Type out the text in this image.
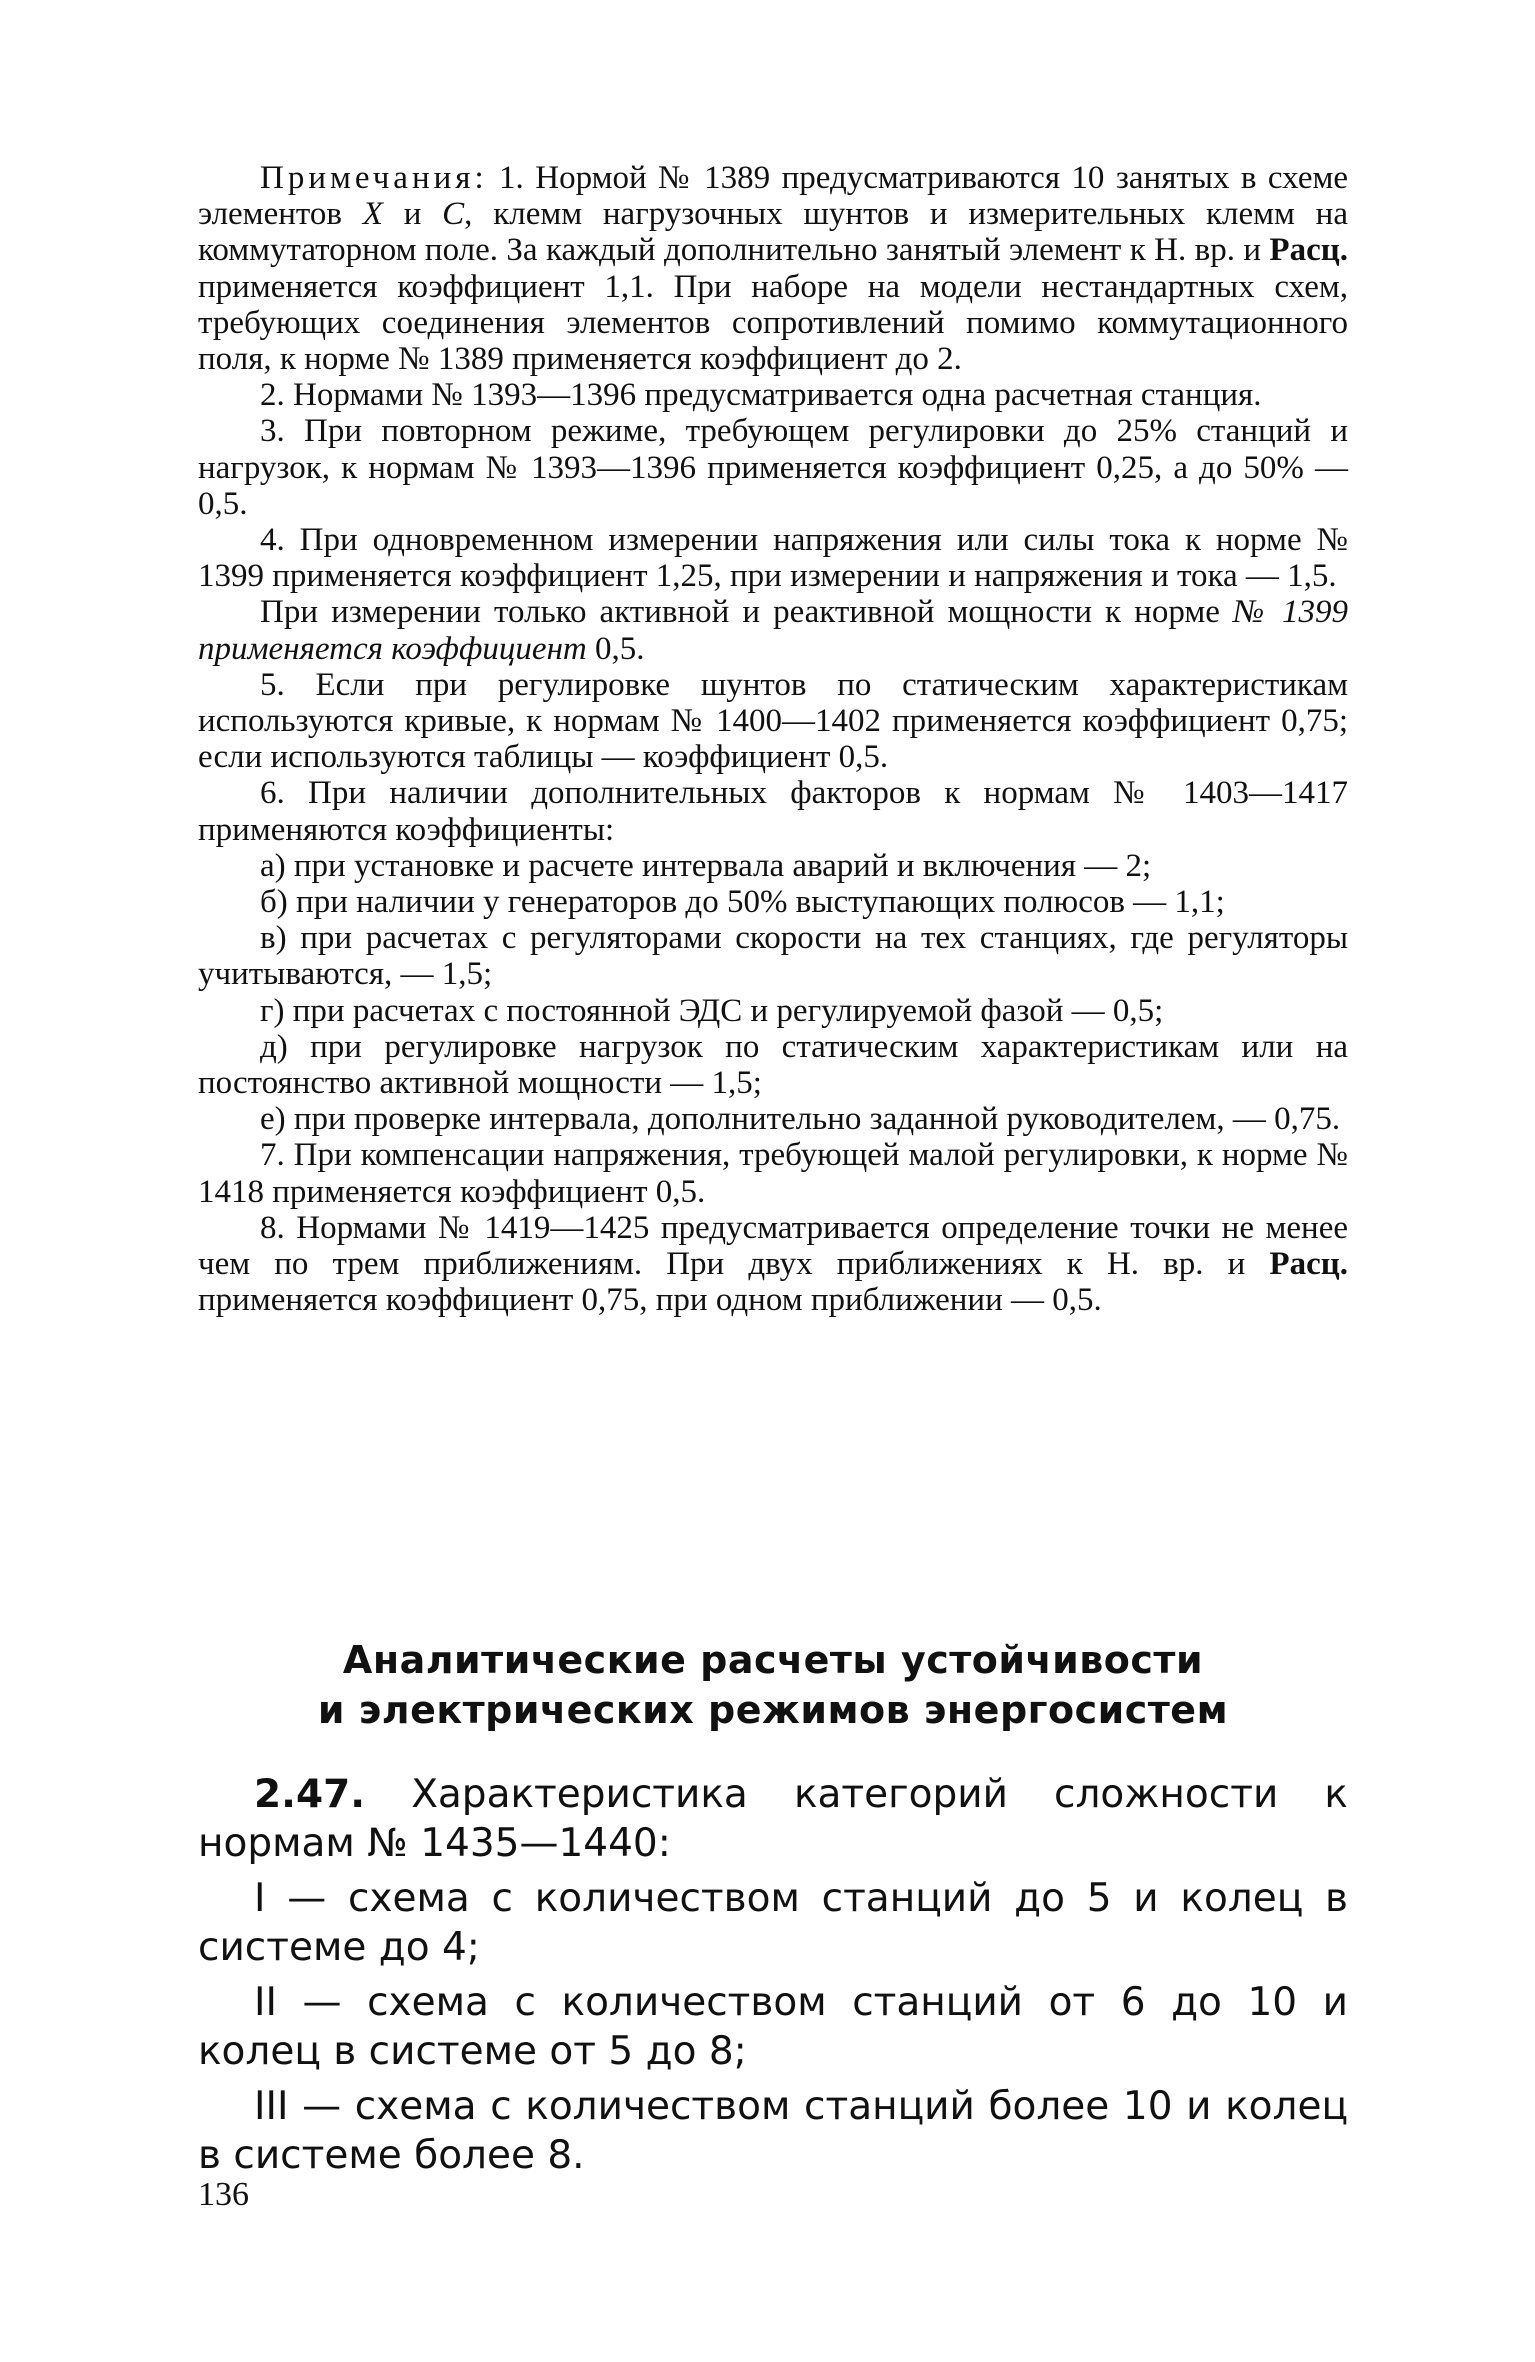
Примечания: 1. Нормой № 1389 предусматриваются 10 занятых в схеме элементов X и C, клемм нагрузочных шунтов и измерительных клемм на коммутаторном поле. За каждый дополнительно занятый элемент к Н. вр. и Расц. применяется коэффициент 1,1. При наборе на модели нестандартных схем, требующих соединения элементов сопротивлений помимо коммутационного поля, к норме № 1389 применяется коэффициент до 2.

2. Нормами № 1393—1396 предусматривается одна расчетная станция.

3. При повторном режиме, требующем регулировки до 25% станций и нагрузок, к нормам № 1393—1396 применяется коэффициент 0,25, а до 50% — 0,5.

4. При одновременном измерении напряжения или силы тока к норме № 1399 применяется коэффициент 1,25, при измерении и напряжения и тока — 1,5.

При измерении только активной и реактивной мощности к норме № 1399 применяется коэффициент 0,5.

5. Если при регулировке шунтов по статическим характеристикам используются кривые, к нормам № 1400—1402 применяется коэффициент 0,75; если используются таблицы — коэффициент 0,5.

6. При наличии дополнительных факторов к нормам № 1403—1417 применяются коэффициенты:

а) при установке и расчете интервала аварий и включения — 2;

б) при наличии у генераторов до 50% выступающих полюсов — 1,1;

в) при расчетах с регуляторами скорости на тех станциях, где регуляторы учитываются, — 1,5;

г) при расчетах с постоянной ЭДС и регулируемой фазой — 0,5;

д) при регулировке нагрузок по статическим характеристикам или на постоянство активной мощности — 1,5;

е) при проверке интервала, дополнительно заданной руководителем, — 0,75.

7. При компенсации напряжения, требующей малой регулировки, к норме № 1418 применяется коэффициент 0,5.

8. Нормами № 1419—1425 предусматривается определение точки не менее чем по трем приближениям. При двух приближениях к Н. вр. и Расц. применяется коэффициент 0,75, при одном приближении — 0,5.

Аналитические расчеты устойчивости
и электрических режимов энергосистем

2.47. Характеристика категорий сложности к нормам № 1435—1440:

I — схема с количеством станций до 5 и колец в системе до 4;

II — схема с количеством станций от 6 до 10 и колец в системе от 5 до 8;

III — схема с количеством станций более 10 и колец в системе более 8.

136
